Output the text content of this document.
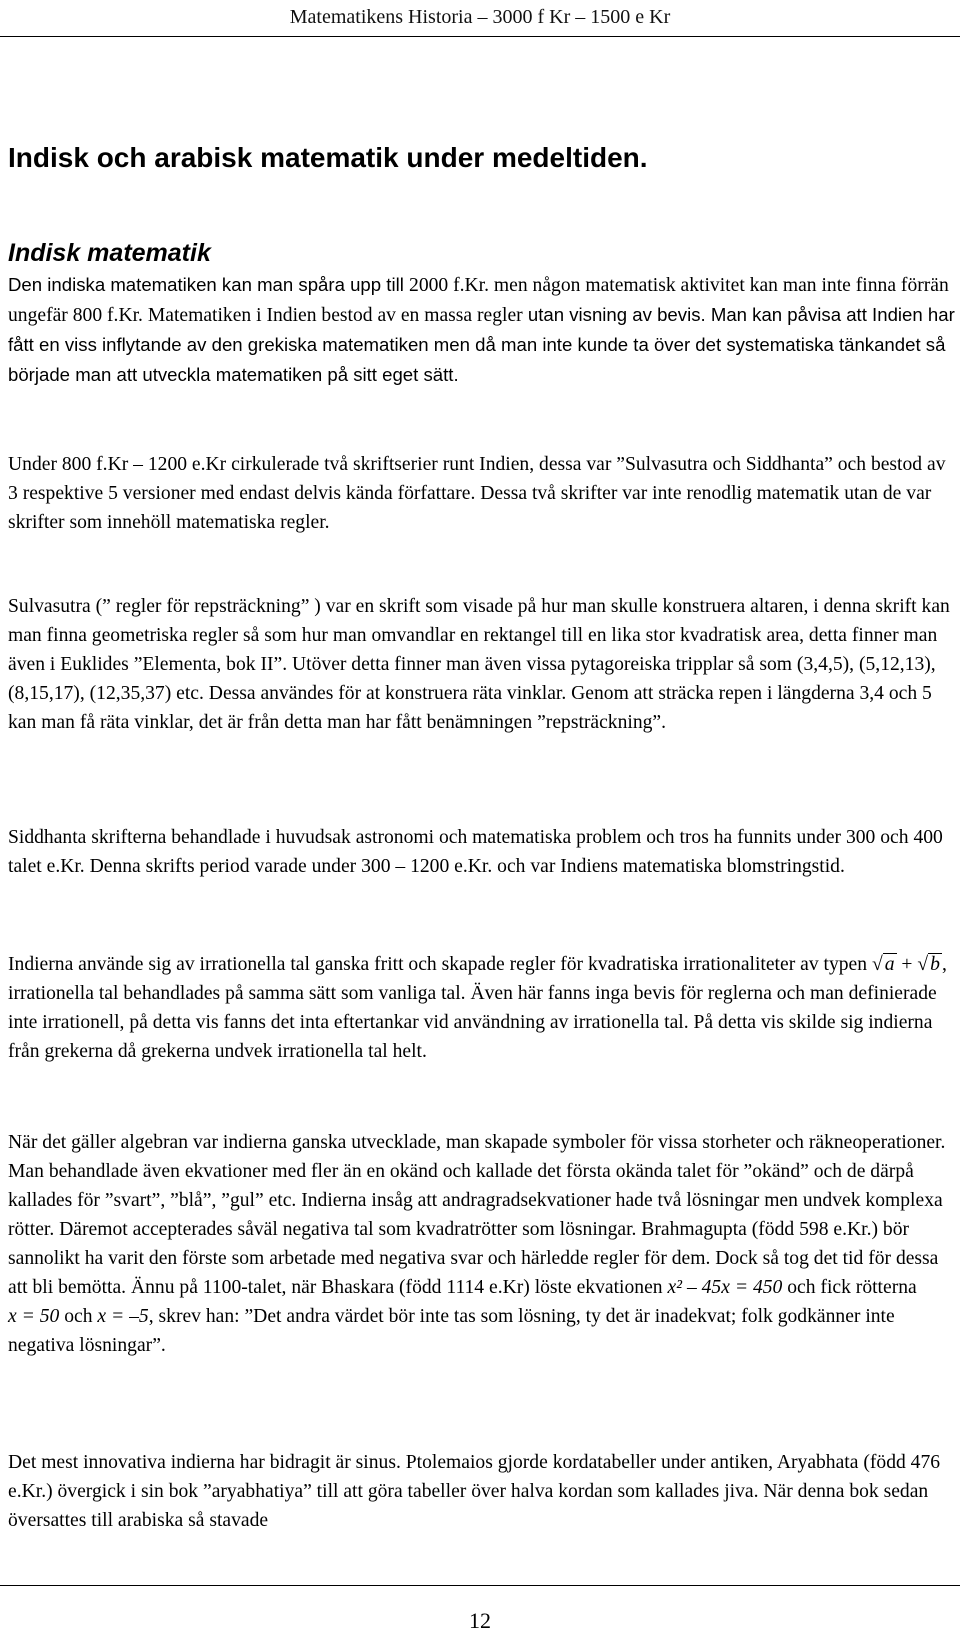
Matematikens Historia – 3000 f Kr – 1500 e Kr
Indisk och arabisk matematik under medeltiden.
Indisk matematik

Den indiska matematiken kan man spåra upp till 2000 f.Kr. men någon matematisk aktivitet kan man inte finna förrän ungefär 800 f.Kr. Matematiken i Indien bestod av en massa regler utan visning av bevis. Man kan påvisa att Indien har fått en viss inflytande av den grekiska matematiken men då man inte kunde ta över det systematiska tänkandet så började man att utveckla matematiken på sitt eget sätt.

Under 800 f.Kr – 1200 e.Kr cirkulerade två skriftserier runt Indien, dessa var ”Sulvasutra och Siddhanta” och bestod av 3 respektive 5 versioner med endast delvis kända författare. Dessa två skrifter var inte renodlig matematik utan de var skrifter som innehöll matematiska regler.

Sulvasutra (” regler för repsträckning” ) var en skrift som visade på hur man skulle konstruera altaren, i denna skrift kan man finna geometriska regler så som hur man omvandlar en rektangel till en lika stor kvadratisk area, detta finner man även i Euklides ”Elementa, bok II”. Utöver detta finner man även vissa pytagoreiska tripplar så som (3,4,5), (5,12,13), (8,15,17), (12,35,37) etc. Dessa användes för at konstruera räta vinklar. Genom att sträcka repen i längderna 3,4 och 5 kan man få räta vinklar, det är från detta man har fått benämningen ”repsträckning”.

Siddhanta skrifterna behandlade i huvudsak astronomi och matematiska problem och tros ha funnits under 300 och 400 talet e.Kr. Denna skrifts period varade under 300 – 1200 e.Kr. och var Indiens matematiska blomstringstid.

Indierna använde sig av irrationella tal ganska fritt och skapade regler för kvadratiska irrationaliteter av typen √ a + √ b , irrationella tal behandlades på samma sätt som vanliga tal. Även här fanns inga bevis för reglerna och man definierade inte irrationell, på detta vis fanns det inta eftertankar vid användning av irrationella tal. På detta vis skilde sig indierna från grekerna då grekerna undvek irrationella tal helt.

När det gäller algebran var indierna ganska utvecklade, man skapade symboler för vissa storheter och räkneoperationer. Man behandlade även ekvationer med fler än en okänd och kallade det första okända talet för ”okänd” och de därpå kallades för ”svart”, ”blå”, ”gul” etc. Indierna insåg att andragradsekvationer hade två lösningar men undvek komplexa rötter. Däremot accepterades såväl negativa tal som kvadratrötter som lösningar. Brahmagupta (född 598 e.Kr.) bör sannolikt ha varit den förste som arbetade med negativa svar och härledde regler för dem. Dock så tog det tid för dessa att bli bemötta. Ännu på 1100-talet, när Bhaskara (född 1114 e.Kr) löste ekvationen x² – 45x = 450 och fick rötterna x = 50 och x = –5, skrev han: ”Det andra värdet bör inte tas som lösning, ty det är inadekvat; folk godkänner inte negativa lösningar”.

Det mest innovativa indierna har bidragit är sinus. Ptolemaios gjorde kordatabeller under antiken, Aryabhata (född 476 e.Kr.) övergick i sin bok ”aryabhatiya” till att göra tabeller över halva kordan som kallades jiva. När denna bok sedan översattes till arabiska så stavade

12
